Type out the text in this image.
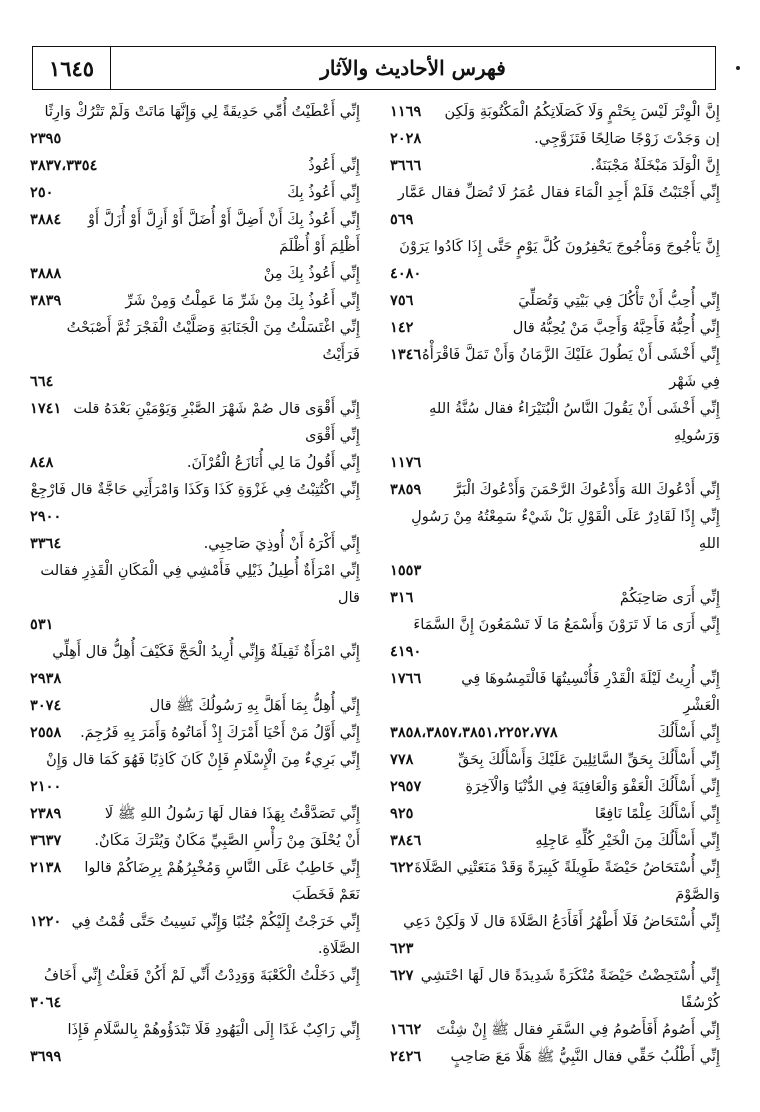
١٦٤٥	فهرس الأحاديث والآثار
١١٦٩ إِنَّ الْوِتْرَ لَيْسَ بِحَتْمٍ وَلَا كَصَلَاتِكُمُ الْمَكْتُوبَةِ وَلَكِن
٢٠٢٨	إن وَجَدْتَ زَوْجًا صَالِحًا فَتَزَوَّجِي.
٣٦٦٦	إِنَّ الْوَلَدَ مَبْخَلَةٌ مَجْبَنَةٌ.
إِنِّي أَجْنَبْتُ فَلَمْ أَجِدِ الْمَاءَ فقال عُمَرُ لَا تُصَلِّ فقال عَمَّار
٥٦٩
إِنَّ يَأْجُوجَ وَمَأْجُوجَ يَحْفِرُونَ كُلَّ يَوْمٍ حَتَّى إِذَا كَادُوا يَرَوْنَ
٤٠٨٠
٧٥٦	إِنِّي أُحِبُّ أَنْ تَأْكُلَ فِي بَيْتِي وَتُصَلِّيَ
١٤٢	إِنِّي أُحِبُّهُ فَأَحِبَّهُ وَأَحِبَّ مَنْ يُحِبُّهُ قال
١٣٤٦ إِنِّي أَخْشَى أَنْ يَطُولَ عَلَيْكَ الزَّمَانُ وَأَنْ تَمَلَّ فَاقْرَأْهُ فِي شَهْر
إِنِّي أَخْشَى أَنْ يَقُولَ النَّاسُ الْبُتَيْرَاءُ فقال سُنَّةُ اللهِ وَرَسُولِهِ
١١٧٦
٣٨٥٩ إِنِّي أَدْعُوكَ اللهَ وَأَدْعُوكَ الرَّحْمَنَ وَأَدْعُوكَ الْبَرَّ
إِنِّي إِذًا لَقَادِرٌ عَلَى الْقَوْلِ بَلْ شَيْءٌ سَمِعْتُهُ مِنْ رَسُولِ اللهِ
١٥٥٣
٣١٦	إِنِّي أَرَى صَاحِبَكُمْ
إِنِّي أَرَى مَا لَا تَرَوْنَ وَأَسْمَعُ مَا لَا تَسْمَعُونَ إِنَّ السَّمَاءَ
٤١٩٠
١٧٦٦	إِنِّي أُرِيتُ لَيْلَةَ الْقَدْرِ فَأُنْسِيتُهَا فَالْتَمِسُوهَا فِي الْعَشْرِ
٣٨٥٨،٣٨٥٧،٣٨٥١،٢٢٥٢،٧٧٨	إِنِّي أَسْأَلُكَ
٧٧٨	إِنِّي أَسْأَلُكَ بِحَقِّ السَّائِلِينَ عَلَيْكَ وَأَسْأَلُكَ بِحَقِّ
٢٩٥٧	إِنِّي أَسْأَلُكَ الْعَفْوَ وَالْعَافِيَةَ فِي الدُّنْيَا وَالْآخِرَةِ
٩٢٥	إِنِّي أَسْأَلُكَ عِلْمًا نَافِعًا
٣٨٤٦	إِنِّي أَسْأَلُكَ مِنَ الْخَيْرِ كُلِّهِ عَاجِلِهِ
٦٢٢ إِنِّي أُسْتَحَاضُ حَيْضَةً طَوِيلَةً كَبِيرَةً وَقَدْ مَنَعَتْنِي الصَّلَاةَ وَالصَّوْمَ
إِنِّي أُسْتَحَاضُ فَلَا أَطْهُرُ أَفَأَدَعُ الصَّلَاةَ قال لَا وَلَكِنْ دَعِي
٦٢٣
٦٢٧ إِنِّي أُسْتَحِضْتُ حَيْضَةً مُنْكَرَةً شَدِيدَةً قال لَهَا احْتَشِي كُرْسُفًا
١٦٦٢ إِنِّي أَصُومُ أَفَأَصُومُ فِي السَّفَرِ فقال ﷺ إِنْ شِئْتَ
٢٤٢٦ إِنِّي أَطْلُبُ حَقِّي فقال النَّبِيُّ ﷺ هَلَّا مَعَ صَاحِبٍ
إِنِّي أَعْطَيْتُ أُمِّي حَدِيقَةً لِي وَإِنَّهَا مَاتَتْ وَلَمْ تَتْرُكْ وَارِثًا
٢٣٩٥
٣٨٣٧،٣٣٥٤	إِنِّي أَعُوذُ
٢٥٠	إِنِّي أَعُوذُ بِكَ
٣٨٨٤ إِنِّي أَعُوذُ بِكَ أَنْ أَضِلَّ أَوْ أُضَلَّ أَوْ أَزِلَّ أَوْ أُزَلَّ أَوْ أَظْلِمَ أَوْ أُظْلَمَ
٣٨٨٨	إِنِّي أَعُوذُ بِكَ مِنْ
٣٨٣٩	إِنِّي أَعُوذُ بِكَ مِنْ شَرِّ مَا عَمِلْتُ وَمِنْ شَرِّ
إِنِّي اغْتَسَلْتُ مِنَ الْجَنَابَةِ وَصَلَّيْتُ الْفَجْرَ ثُمَّ أَصْبَحْتُ فَرَأَيْتُ
٦٦٤
١٧٤١ إِنِّي أَقْوَى قال صُمْ شَهْرَ الصَّبْرِ وَيَوْمَيْنِ بَعْدَهُ قلت إِنِّي أَقْوَى
٨٤٨	إِنِّي أَقُولُ مَا لِي أُنَازَعُ الْقُرْآنَ.
إِنِّي اكْتُتِبْتُ فِي غَزْوَةِ كَذَا وَكَذَا وَامْرَأَتِي حَاجَّةٌ قال فَارْجِعْ
٢٩٠٠
٣٣٦٤	إِنِّي أَكْرَهُ أَنْ أُوذِيَ صَاحِبِي.
إِنِّي امْرَأَةٌ أُطِيلُ ذَيْلِي فَأَمْشِي فِي الْمَكَانِ الْقَذِرِ فقالت قال
٥٣١
إِنِّي امْرَأَةٌ ثَقِيلَةٌ وَإِنِّي أُرِيدُ الْحَجَّ فَكَيْفَ أُهِلُّ قال أَهِلِّي
٢٩٣٨
٣٠٧٤	إِنِّي أُهِلُّ بِمَا أَهَلَّ بِهِ رَسُولُكَ ﷺ قال
٢٥٥٨ إِنِّي أَوَّلُ مَنْ أَحْيَا أَمْرَكَ إِذْ أَمَاتُوهُ وَأَمَرَ بِهِ فَرُجِمَ.
إِنِّي بَرِيءٌ مِنَ الْإِسْلَامِ فَإِنْ كَانَ كَاذِبًا فَهُوَ كَمَا قال وَإِنْ
٢١٠٠
٢٣٨٩	إِنِّي تَصَدَّقْتُ بِهَذَا فقال لَهَا رَسُولُ اللهِ ﷺ لَا
٣٦٣٧ أَنْ يُحْلَقَ مِنْ رَأْسِ الصَّبِيِّ مَكَانٌ وَيُتْرَكَ مَكَانٌ.
٢١٣٨ إِنِّي خَاطِبٌ عَلَى النَّاسِ وَمُخْبِرُهُمْ بِرِضَاكُمْ قالوا نَعَمْ فَخَطَبَ
١٢٢٠ إِنِّي خَرَجْتُ إِلَيْكُمْ جُنُبًا وَإِنِّي نَسِيتُ حَتَّى قُمْتُ فِي الصَّلَاةِ.
إِنِّي دَخَلْتُ الْكَعْبَةَ وَوَدِدْتُ أَنِّي لَمْ أَكُنْ فَعَلْتُ إِنِّي أَخَافُ
٣٠٦٤
إِنِّي رَاكِبٌ غَدًا إِلَى الْيَهُودِ فَلَا تَبْدَؤُوهُمْ بِالسَّلَامِ فَإِذَا
٣٦٩٩
